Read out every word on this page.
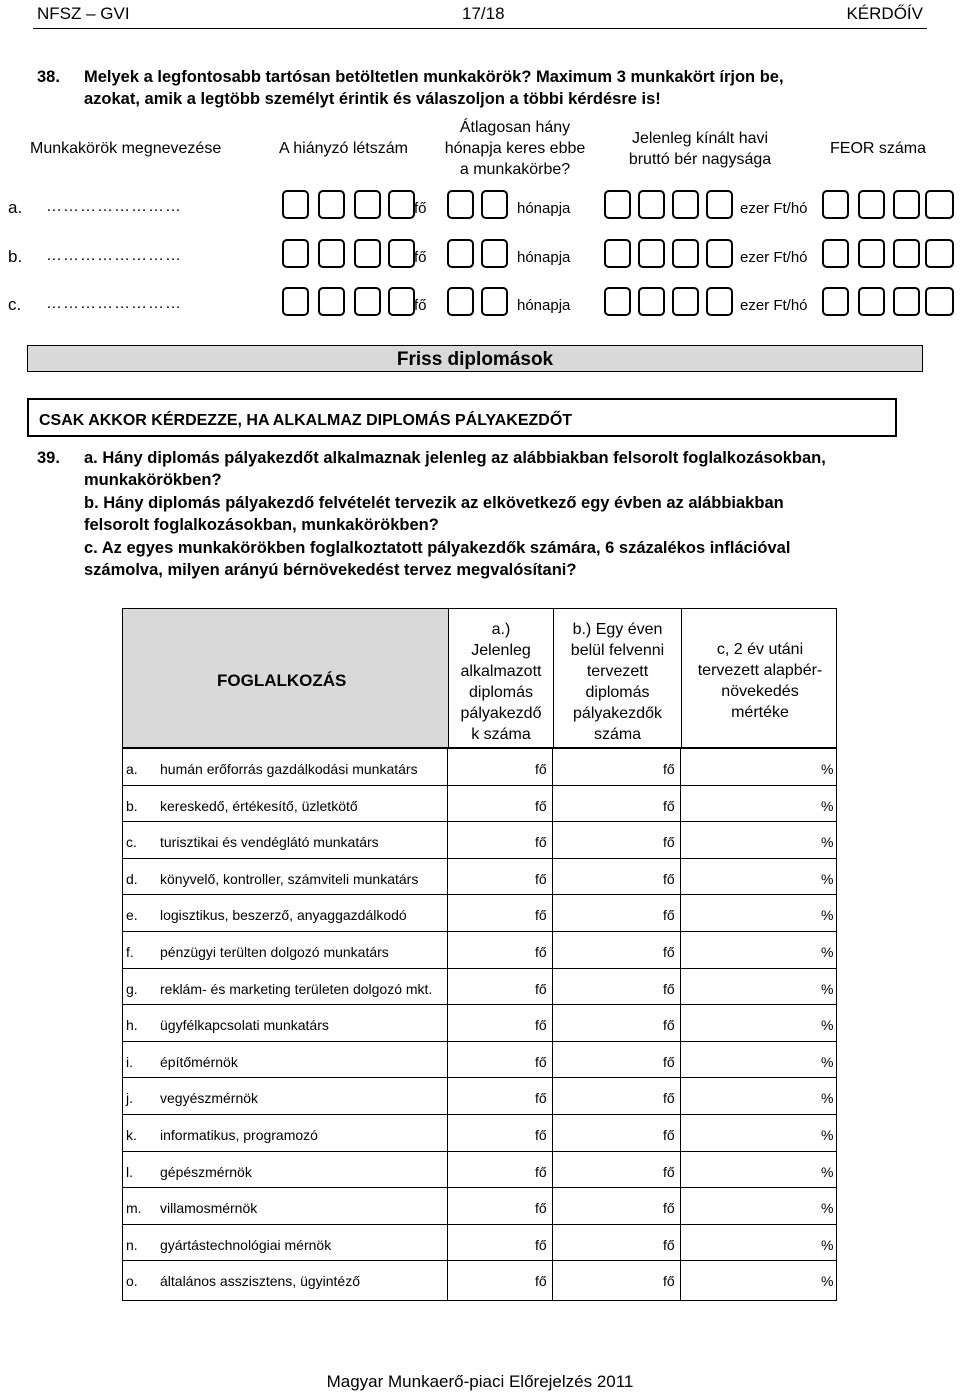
NFSZ – GVI	17/18	KÉRDŐÍV
38. Melyek a legfontosabb tartósan betöltetlen munkakörök? Maximum 3 munkakört írjon be,
azokat, amik a legtöbb személyt érintik és válaszoljon a többi kérdésre is!
Munkakörök megnevezése	A hiányzó létszám
Átlagosan hány
hónapja keres ebbe
a munkakörbe?
Jelenleg kínált havi
bruttó bér nagysága
FEOR száma
a. ……………………	fő	hónapja	ezer Ft/hó
b. ……………………	fő	hónapja	ezer Ft/hó
c. ……………………	fő	hónapja	ezer Ft/hó
Friss diplomások
CSAK AKKOR KÉRDEZZE, HA ALKALMAZ DIPLOMÁS PÁLYAKEZDŐT
39. a. Hány diplomás pályakezdőt alkalmaznak jelenleg az alábbiakban felsorolt foglalkozásokban,
munkakörökben?
b. Hány diplomás pályakezdő felvételét tervezik az elkövetkező egy évben az alábbiakban
felsorolt foglalkozásokban, munkakörökben?
c. Az egyes munkakörökben foglalkoztatott pályakezdők számára, 6 százalékos inflációval
számolva, milyen arányú bérnövekedést tervez megvalósítani?
FOGLALKOZÁS
a.)
Jelenleg
alkalmazott
diplomás
pályakezdő
k száma
b.) Egy éven
belül felvenni
tervezett
diplomás
pályakezdők
száma
c, 2 év utáni
tervezett alapbér-
növekedés
mértéke
a. humán erőforrás gazdálkodási munkatárs	fő	fő	%
b. kereskedő, értékesítő, üzletkötő	fő	fő	%
c. turisztikai és vendéglátó munkatárs	fő	fő	%
d. könyvelő, kontroller, számviteli munkatárs	fő	fő	%
e. logisztikus, beszerző, anyaggazdálkodó	fő	fő	%
f. pénzügyi terülten dolgozó munkatárs	fő	fő	%
g. reklám- és marketing területen dolgozó mkt.	fő	fő	%
h. ügyfélkapcsolati munkatárs	fő	fő	%
i. építőmérnök	fő	fő	%
j. vegyészmérnök	fő	fő	%
k. informatikus, programozó	fő	fő	%
l. gépészmérnök	fő	fő	%
m. villamosmérnök	fő	fő	%
n. gyártástechnológiai mérnök	fő	fő	%
o. általános asszisztens, ügyintéző	fő	fő	%
Magyar Munkaerő-piaci Előrejelzés 2011
